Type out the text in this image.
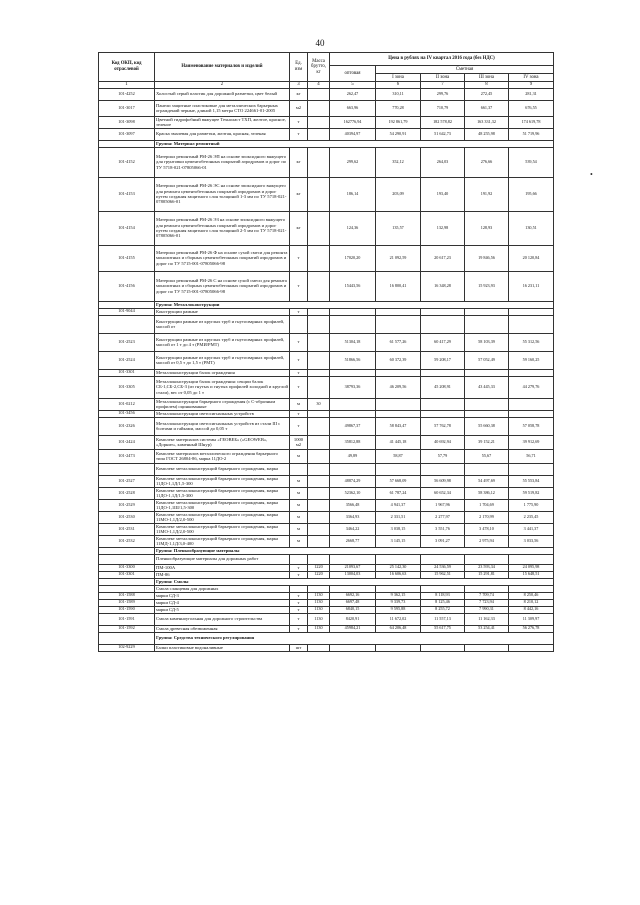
40
Код ОКП, код отраслевой	Наименование материалов и изделий	Ед. изм	Масса брутто, кг	Цена в рублях на IV квартал 2016 года (без НДС)				
				оптовая	Сметная			
					I зона	II зона	III зона	IV зона
1	2	3	4	5	6	7	8	9
101-4252	Холостый серый пластик для дорожной разметки, цвет белый	кг		262,47	310,11	299,76	272,45	281,31
101-3017	Панели защитные пластиковые для металлических барьерных ограждений черные, длиной 1,15 метра СТО 224661-01-2005	м2		663,96	770,28	710,79	661,37	676,55
101-3098	Цветной гидрофобный вяжущее Техноласт ТХП, желтое, красное, зеленое	т		162776,94	192 861,79	182 578,82	163 331,32	174 619,78
101-3097	Краска эмалевая для разметки, желтая, красная, зеленая	т		40394,97	54 290,91	51 642,73	48 255,98	51 719,96
	Группа: Материал ремонтный							
101-4152	Материал ремонтный РМ-26 ЭП на основе эпоксидного вяжущего для грунтовки цементобетонных покрытий аэродромов и дорог по ТУ 5718-021-07805066-01	кг		299,62	352,12	264,03	276,66	539,54
101-4153	Материал ремонтный РМ-26 ЭС на основе эпоксидного вяжущего для ремонта цементобетонных покрытий аэродромов и дорог путем создания защитного слоя толщиной 1-3 мм по ТУ 5718-021-07805066-01	кг		186,14	203,09	193,40	191,92	195,66
101-4154	Материал ремонтный РМ-26 ЭЗ на основе эпоксидного вяжущего для ремонта цементобетонных покрытий аэродромов и дорог путем создания защитного слоя толщиной 2-5 мм по ТУ 5718-021-07805066-01	кг		124,36	135,57	132,98	128,93	130,51
101-4155	Материал ремонтный РМ-26 Ф на основе сухой смеси для ремонта монолитных и сборных цементобетонных покрытий аэродромов и дорог по ТУ 5715-001-07805066-98	т		17020,20	21 092,59	20 617,23	19 846,56	20 120,84
101-4156	Материал ремонтный РМ-26 С на основе сухой смеси для ремонта монолитных и сборных цементобетонных покрытий аэродромов и дорог по ТУ 5715-001-07805066-98	т		15443,56	16 800,41	16 348,28	15 923,93	16 231,11
	Группа: Металлоконструкции							
101-9044	Конструкции рамные	т						
	Конструкции рамные из круглых труб и гнутосварных профилей, массой от							
101-2523	Конструкции рамные из круглых труб и гнутосварных профилей, массой от 1 т до 4 т (РМИ/РМТ)	т		51304,18	61 577,26	60 417,29	58 103,39	55 312,56
101-2524	Конструкции рамные из круглых труб и гнутосварных профилей, массой от 0,5 т до 1,5 т (РМТ)	т		51866,56	60 372,39	59 208,17	57 052,49	59 160,25
101-3301	Металлоконструкции балок ограждения	т						
101-3305	Металлоконструкции балок ограждения: секции балок СБ-1,СБ-2,СБ-3 (из гнутых и гнутых профилей холодной и круглой стали), вес от 0,05 до 1 т	т		38793,36	46 209,56	45 208,91	43 445,33	44 279,76
101-0212	Металлоконструкции барьерного ограждения (с С-образным профилем) оцинкованные	м	30					
101-3456	Металлоконструкции светосигнальных устройств	т						
101-2326	Металлоконструкции светосигнальных устройств из стали III с болтами и гайками, массой до 0,05 т	т		49867,37	58 843,47	57 762,78	55 660,38	57 058,78
101-2424	Комплект материалов системы «ГЕОВЕБ» («GEOWEB», «Дорнит», каменный Шнур)	1000 м2		35812,88	41 445,18	40 692,94	39 152,21	39 912,69
101-2473	Комплект материалов металлического ограждения барьерного типа ГОСТ 26804-86, марка 11ДО-2	м		49,89	58,87	57,79	55,67	56,71
	Комплект металлоконструкций барьерного ограждения, марка							
101-2527	Комплект металлоконструкций барьерного ограждения, марка 11ДО-1,1Д/1,5-300	м		48874,29	57 668,09	56 609,98	54 497,69	55 553,84
101-2528	Комплект металлоконструкций барьерного ограждения, марка 11ДО-1,1Д/1,5-300	м		52362,10	61 787,24	60 652,34	58 386,12	59 519,82
101-2529	Комплект металлоконструкций барьерного ограждения, марка 11ДО-1,1Ш/1,5-300	м		3566,48	4 941,37	1 967,96	1 704,69	1 775,90
101-2530	Комплект металлоконструкций барьерного ограждения, марка 11МО-1,1Д/2,0-500	м		3364,93	2 331,51	2 277,97	2 170,99	2 235,45
101-2531	Комплект металлоконструкций барьерного ограждения, марка 11МО-1,1Д/2,0-500	м		3464,22	3 038,15	3 551,76	3 478,10	3 441,37
101-2532	Комплект металлоконструкций барьерного ограждения, марка 11МД-1,1Д/3,0-400	м		2668,77	3 145,15	3 091,27	2 975,94	3 033,56
	Группа: Пленкообразующие материалы							
	Пленкообразующие материалы для дорожных работ							
101-3300	ПМ-100А	т	1220	21093,67	25 142,30	24 536,59	23 593,34	24 095,98
101-3301	ПМ-86	т	1220	13004,03	16 606,63	15 962,51	15 291,81	15 648,51
	Группа: Смолы							
	Смола сланцевая для дорожных							
101-1588	марки СД-3	т	1130	6692,16	9 362,15	8 118,93	7 709,74	8 250,46
101-1589	марки СД-4	т	1130	6697,48	9 339,73	8 125,46	7 723,94	8 210,12
101-1590	марки СД-5	т	1130	6840,15	9 595,88	8 255,72	7 990,31	8 442,16
101-1591	Смола каменноугольная для дорожного строительства	т	1130	8420,91	11 672,02	11 557,13	11 162,33	11 309,97
101-1592	Смола древесная обезвоженная	т	1130	45984,21	64 206,48	55 617,75	53 254,41	56 276,78
	Группа: Средства технического регулирования							
102-9229	Балки пластиковые водоналивные	шт						
•
